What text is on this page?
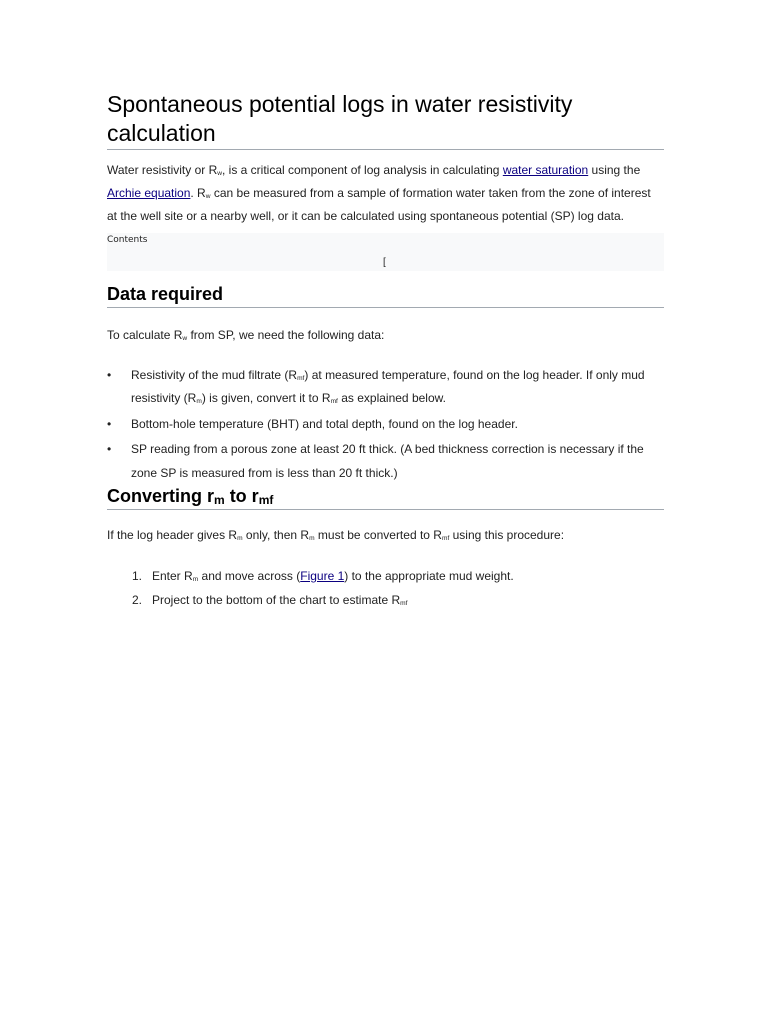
Spontaneous potential logs in water resistivity calculation

Water resistivity or Rw, is a critical component of log analysis in calculating water saturation using the Archie equation. Rw can be measured from a sample of formation water taken from the zone of interest at the well site or a nearby well, or it can be calculated using spontaneous potential (SP) log data.

Contents
[
Data required

To calculate Rw from SP, we need the following data:

• Resistivity of the mud filtrate (Rmf) at measured temperature, found on the log header. If only mud resistivity (Rm) is given, convert it to Rmf as explained below.
• Bottom-hole temperature (BHT) and total depth, found on the log header.
• SP reading from a porous zone at least 20 ft thick. (A bed thickness correction is necessary if the zone SP is measured from is less than 20 ft thick.)
Converting rm to rmf

If the log header gives Rm only, then Rm must be converted to Rmf using this procedure:

1. Enter Rm and move across (Figure 1) to the appropriate mud weight.
2. Project to the bottom of the chart to estimate Rmf
